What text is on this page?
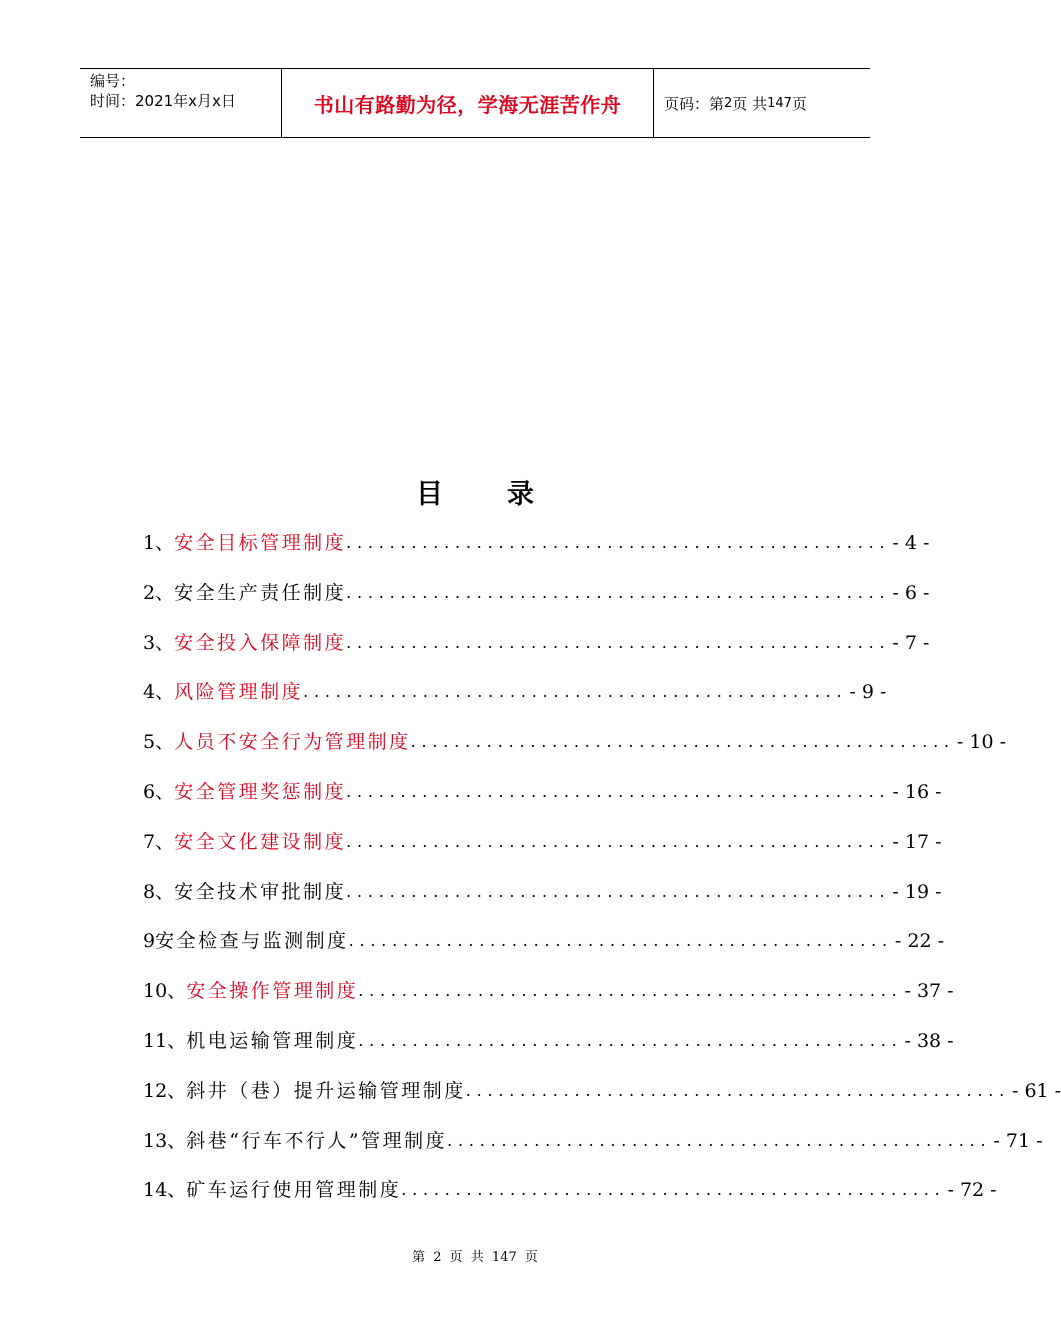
编号：
时间：2021年x月x日	书山有路勤为径，学海无涯苦作舟	页码：第 2 页 共 147 页
目 录
1、 安全目标管理制度 .................................................. - 4 -
2、 安全生产责任制度 .................................................. - 6 -
3、 安全投入保障制度 .................................................. - 7 -
4、 风险管理制度 .................................................. - 9 -
5、 人员不安全行为管理制度 .................................................. - 10 -
6、 安全管理奖惩制度 .................................................. - 16 -
7、 安全文化建设制度 .................................................. - 17 -
8、 安全技术审批制度 .................................................. - 19 -
9 安全检查与监测制度 .................................................. - 22 -
10、 安全操作管理制度 .................................................. - 37 -
11、 机电运输管理制度 .................................................. - 38 -
12、 斜井（巷）提升运输管理制度 .................................................. - 61 -
13、 斜巷“行车不行人”管理制度 .................................................. - 71 -
14、 矿车运行使用管理制度 .................................................. - 72 -
第 2 页 共 147 页
